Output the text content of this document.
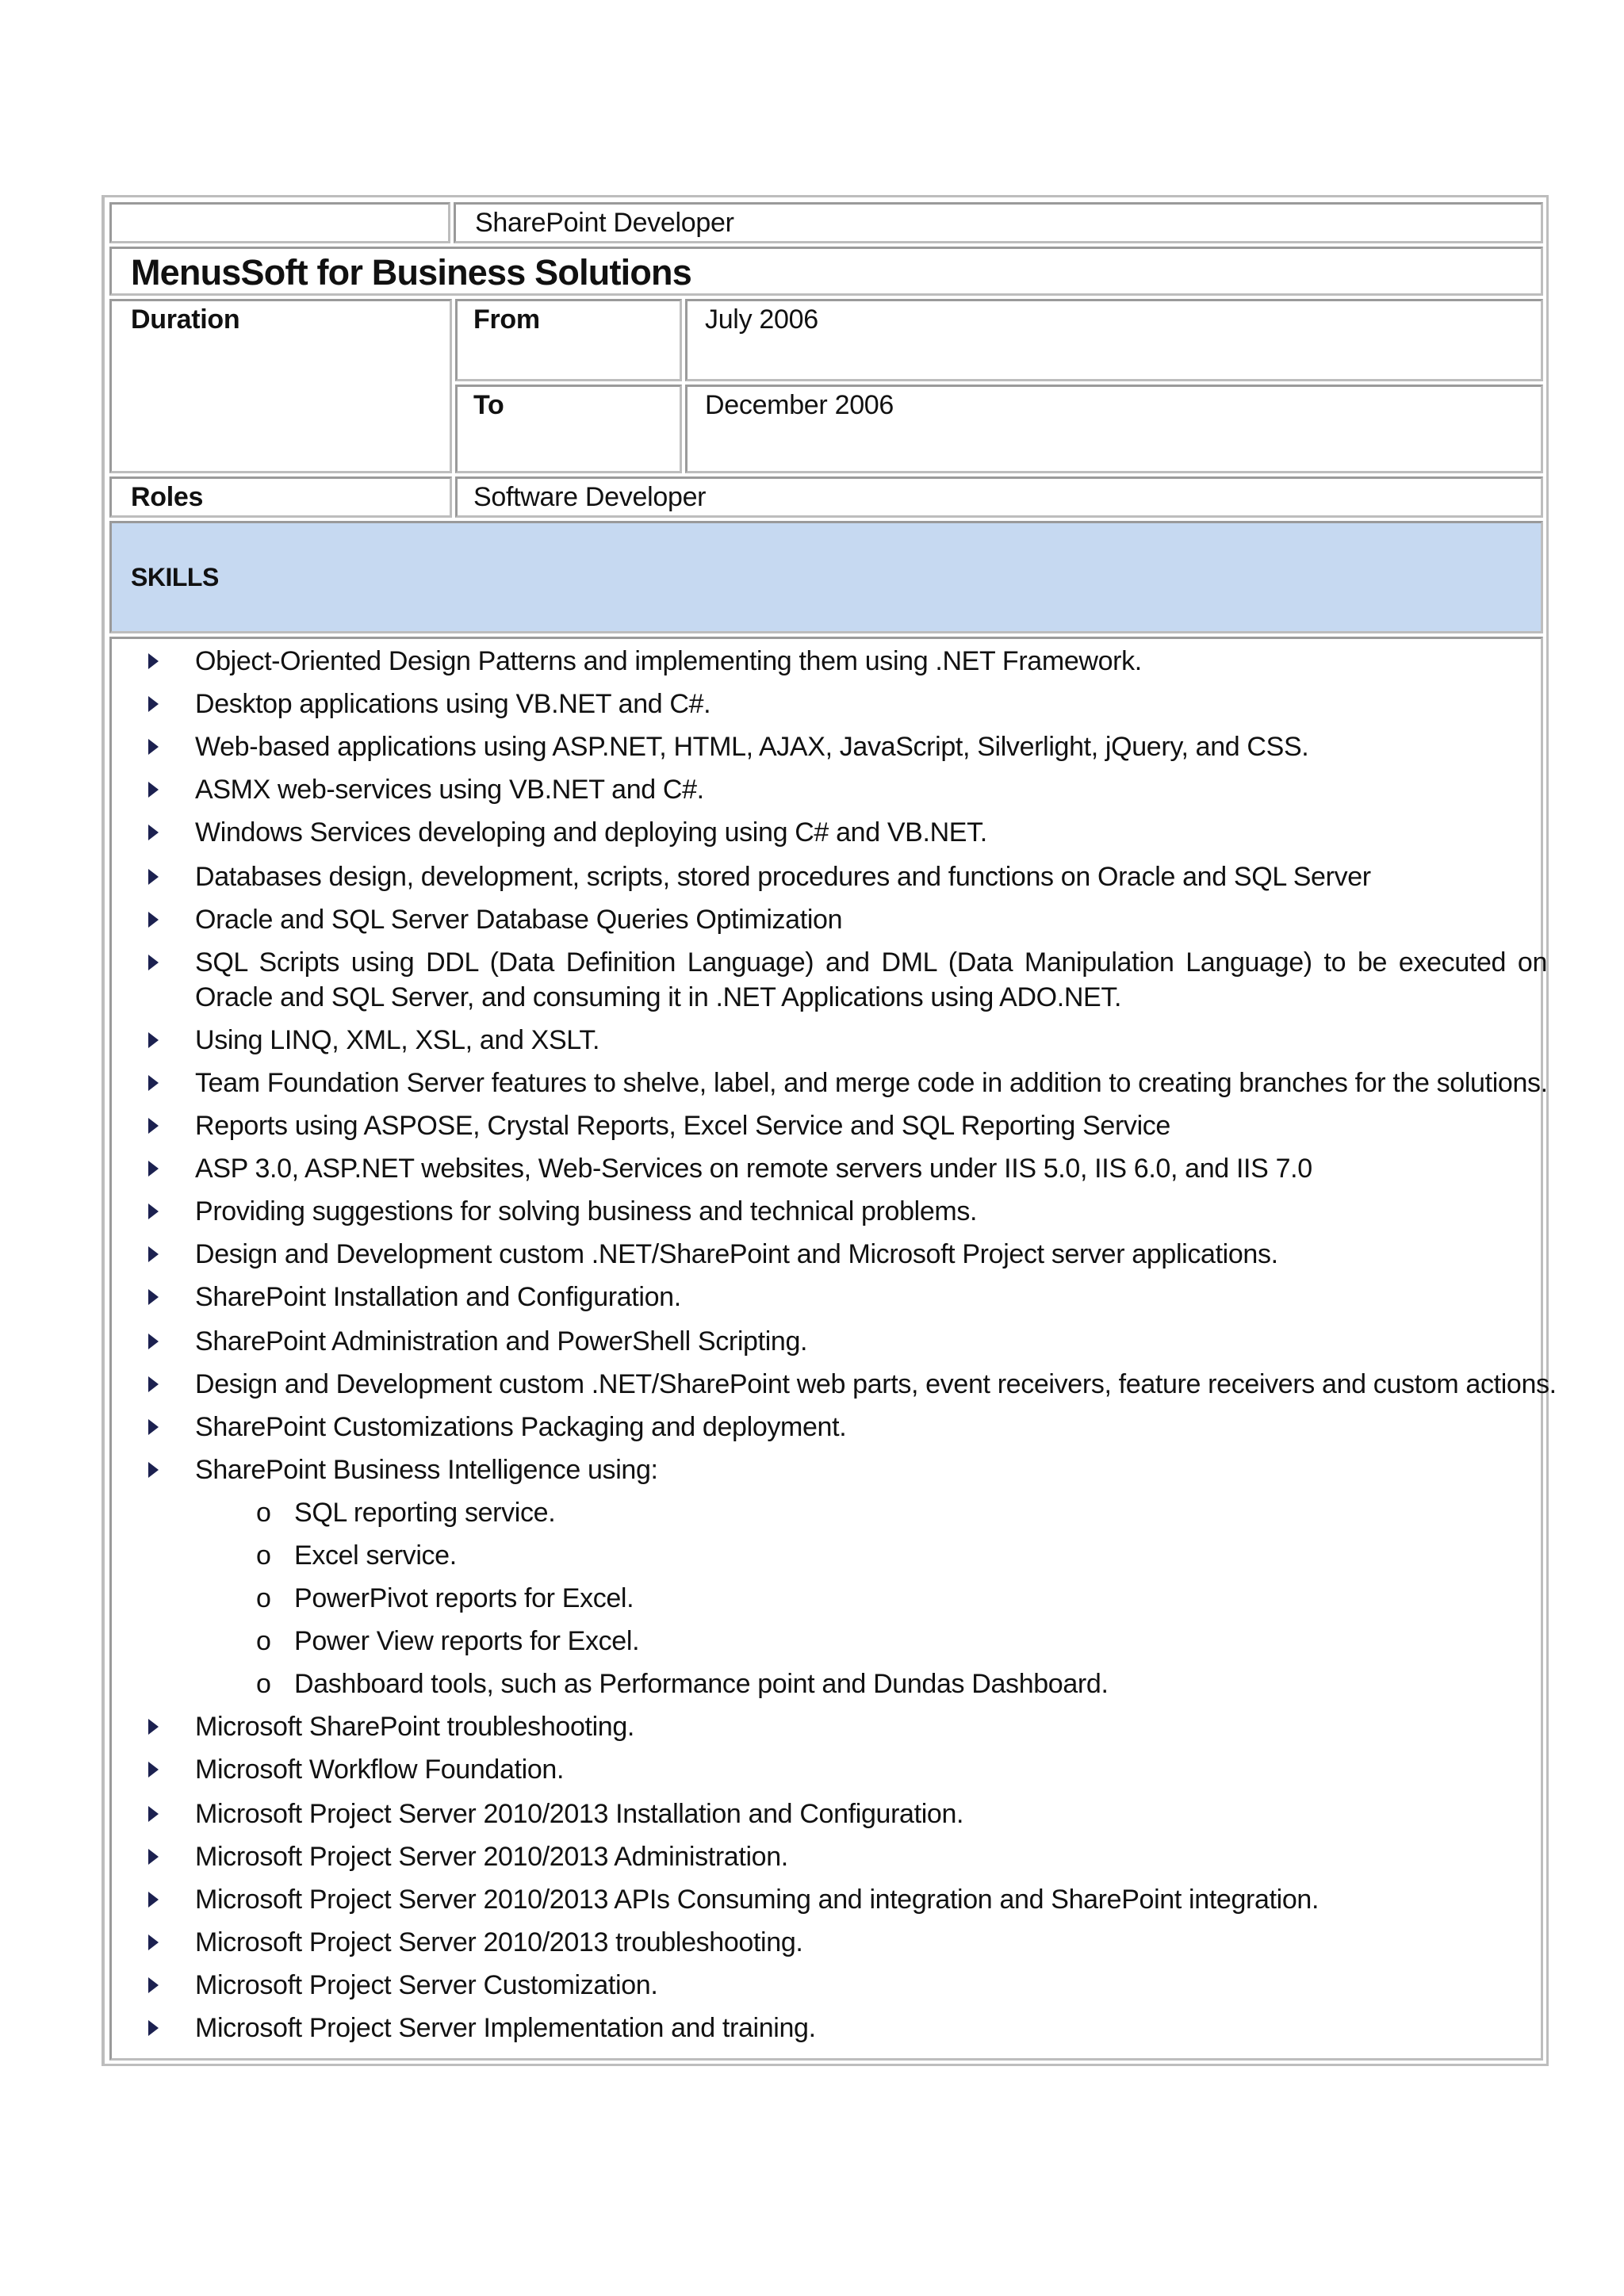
SharePoint Developer
MenusSoft for Business Solutions
Duration	From	July 2006
To	December 2006
Roles	Software Developer
SKILLS
Object-Oriented Design Patterns and implementing them using .NET Framework.
Desktop applications using VB.NET and C#.
Web-based applications using ASP.NET, HTML, AJAX, JavaScript, Silverlight, jQuery, and CSS.
ASMX web-services using VB.NET and C#.
Windows Services developing and deploying using C# and VB.NET.
Databases design, development, scripts, stored procedures and functions on Oracle and SQL Server
Oracle and SQL Server Database Queries Optimization
SQL Scripts using DDL (Data Definition Language) and DML (Data Manipulation Language) to be executed on Oracle and SQL Server, and consuming it in .NET Applications using ADO.NET.
Using LINQ, XML, XSL, and XSLT.
Team Foundation Server features to shelve, label, and merge code in addition to creating branches for the solutions.
Reports using ASPOSE, Crystal Reports, Excel Service and SQL Reporting Service
ASP 3.0, ASP.NET websites, Web-Services on remote servers under IIS 5.0, IIS 6.0, and IIS 7.0
Providing suggestions for solving business and technical problems.
Design and Development custom .NET/SharePoint and Microsoft Project server applications.
SharePoint Installation and Configuration.
SharePoint Administration and PowerShell Scripting.
Design and Development custom .NET/SharePoint web parts, event receivers, feature receivers and custom actions.
SharePoint Customizations Packaging and deployment.
SharePoint Business Intelligence using:
o SQL reporting service.
o Excel service.
o PowerPivot reports for Excel.
o Power View reports for Excel.
o Dashboard tools, such as Performance point and Dundas Dashboard.
Microsoft SharePoint troubleshooting.
Microsoft Workflow Foundation.
Microsoft Project Server 2010/2013 Installation and Configuration.
Microsoft Project Server 2010/2013 Administration.
Microsoft Project Server 2010/2013 APIs Consuming and integration and SharePoint integration.
Microsoft Project Server 2010/2013 troubleshooting.
Microsoft Project Server Customization.
Microsoft Project Server Implementation and training.
